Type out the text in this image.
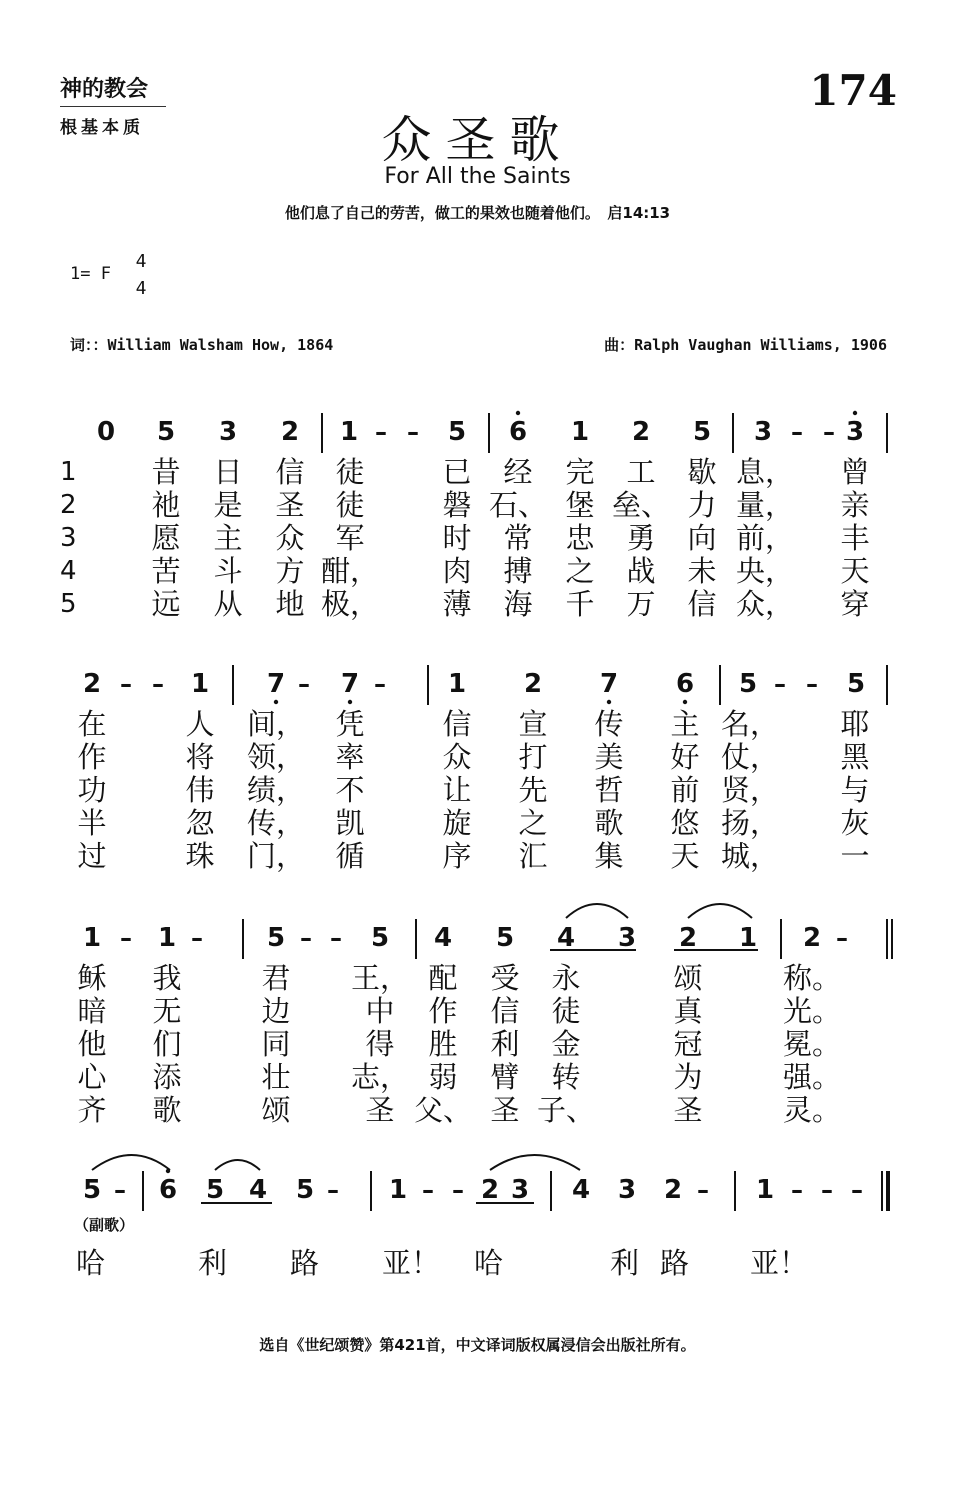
神的教会
根基本质
174
众圣歌
For All the Saints
他们息了自己的劳苦，做工的果效也随着他们。　启14:13
1= F
4
4
词：：William Walsham How, 1864	曲：Ralph Vaughan Williams, 1906
0 5 3 2 1 – – 5 6 1 2 5 3 – – 3
1	昔 日 信 徒	已 经 完 工 歇 息， 曾
2	祂 是 圣 徒	磐 石、 堡 垒、 力 量， 亲
3	愿 主 众 军	时 常 忠 勇 向 前， 丰
4	苦 斗 方 酣， 肉 搏 之 战 未 央， 天
5	远 从 地 极， 薄 海 千 万 信 众， 穿
2 – – 1 7 – 7 – 1 2 7 6 5 – – 5
在	人 间， 凭	信 宣 传 主 名， 耶
作	将 领， 率	众 打 美 好 仗， 黑
功	伟 绩， 不	让 先 哲 前 贤， 与
半	忽 传， 凯	旋 之 歌 悠 扬， 灰
过	珠 门， 循	序 汇 集 天 城， 一
1 – 1 – 5 – – 5 4 5 4 3 2 1 2 –
稣 我	君 王， 配 受 永	颂	称。
暗 无	边	中 作 信 徒	真	光。
他 们	同	得 胜 利 金	冠	冕。
心 添	壮 志， 弱 臂 转	为	强。
齐 歌	颂	圣 父、 圣 子、	圣	灵。
5 – 6 5 4 5 – 1 – – 2 3 4 3 2 – 1 – – –
（副歌）
哈	利 路 亚！ 哈	利 路 亚！
选自《世纪颂赞》第421首，中文译词版权属浸信会出版社所有。
